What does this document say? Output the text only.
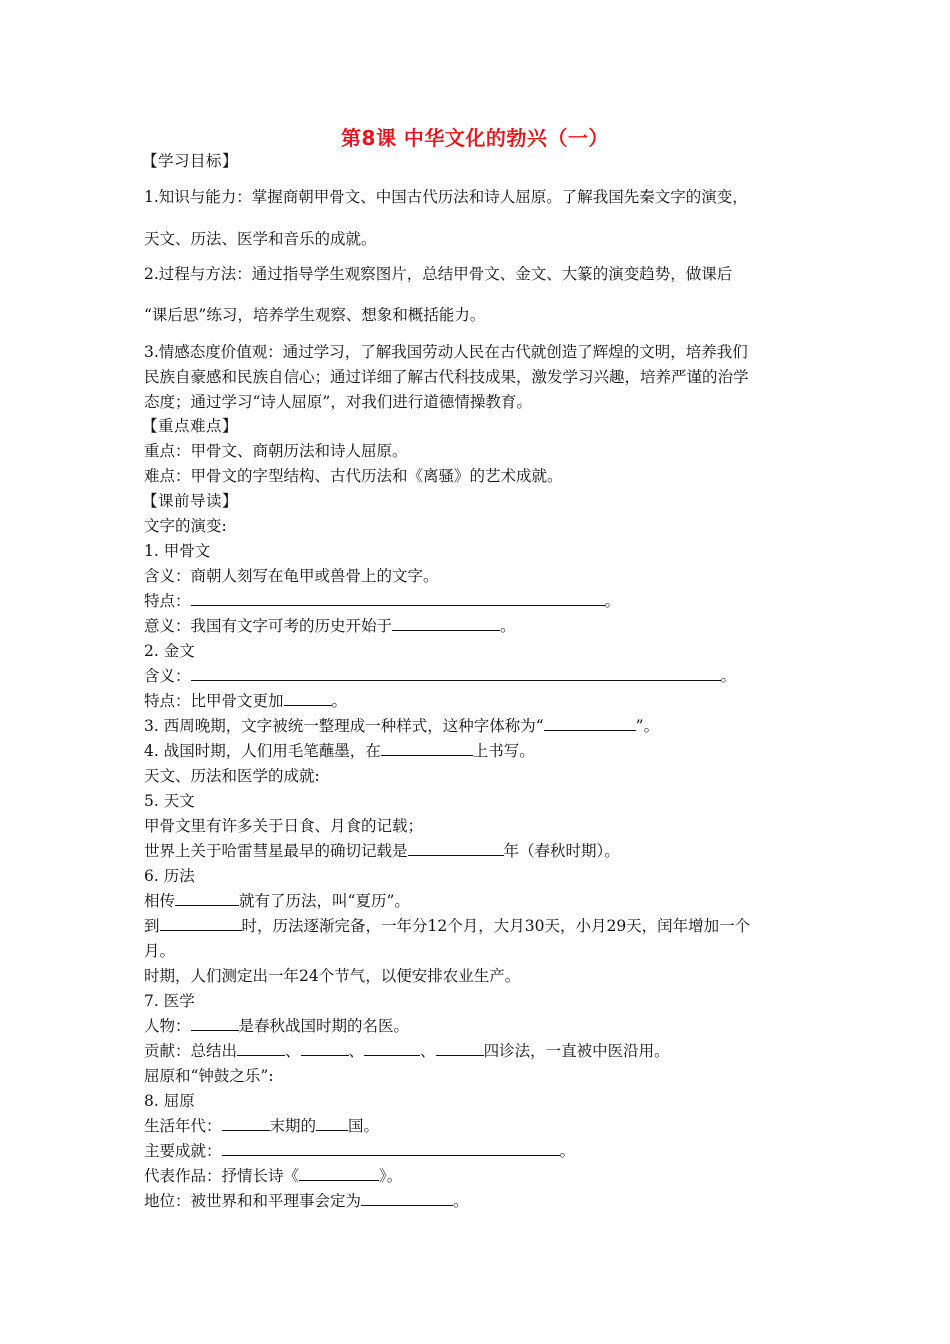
第8课 中华文化的勃兴（一）
【学习目标】
1.知识与能力：掌握商朝甲骨文、中国古代历法和诗人屈原。了解我国先秦文字的演变，
天文、历法、医学和音乐的成就。
2.过程与方法：通过指导学生观察图片，总结甲骨文、金文、大篆的演变趋势，做课后
“课后思”练习，培养学生观察、想象和概括能力。
3.情感态度价值观：通过学习，了解我国劳动人民在古代就创造了辉煌的文明，培养我们
民族自豪感和民族自信心；通过详细了解古代科技成果，激发学习兴趣，培养严谨的治学
态度；通过学习“诗人屈原”，对我们进行道德情操教育。
【重点难点】
重点：甲骨文、商朝历法和诗人屈原。
难点：甲骨文的字型结构、古代历法和《离骚》的艺术成就。
【课前导读】
文字的演变:
1. 甲骨文
含义：商朝人刻写在龟甲或兽骨上的文字。
特点：	。
意义：我国有文字可考的历史开始于	。
2. 金文
含义：	。
特点：比甲骨文更加	。
3. 西周晚期，文字被统一整理成一种样式，这种字体称为“	”。
4. 战国时期，人们用毛笔蘸墨，在	上书写。
天文、历法和医学的成就:
5. 天文
甲骨文里有许多关于日食、月食的记载；
世界上关于哈雷彗星最早的确切记载是	年（春秋时期）。
6. 历法
相传	就有了历法，叫“夏历”。
到	时，历法逐渐完备，一年分12个月，大月30天，小月29天，闰年增加一个
月。
时期，人们测定出一年24个节气，以便安排农业生产。
7. 医学
人物：	是春秋战国时期的名医。
贡献：总结出	、	、	、	四诊法，一直被中医沿用。
屈原和“钟鼓之乐”:
8. 屈原
生活年代：	末期的 国。
主要成就：	。
代表作品：抒情长诗《	》。
地位：被世界和和平理事会定为	。
